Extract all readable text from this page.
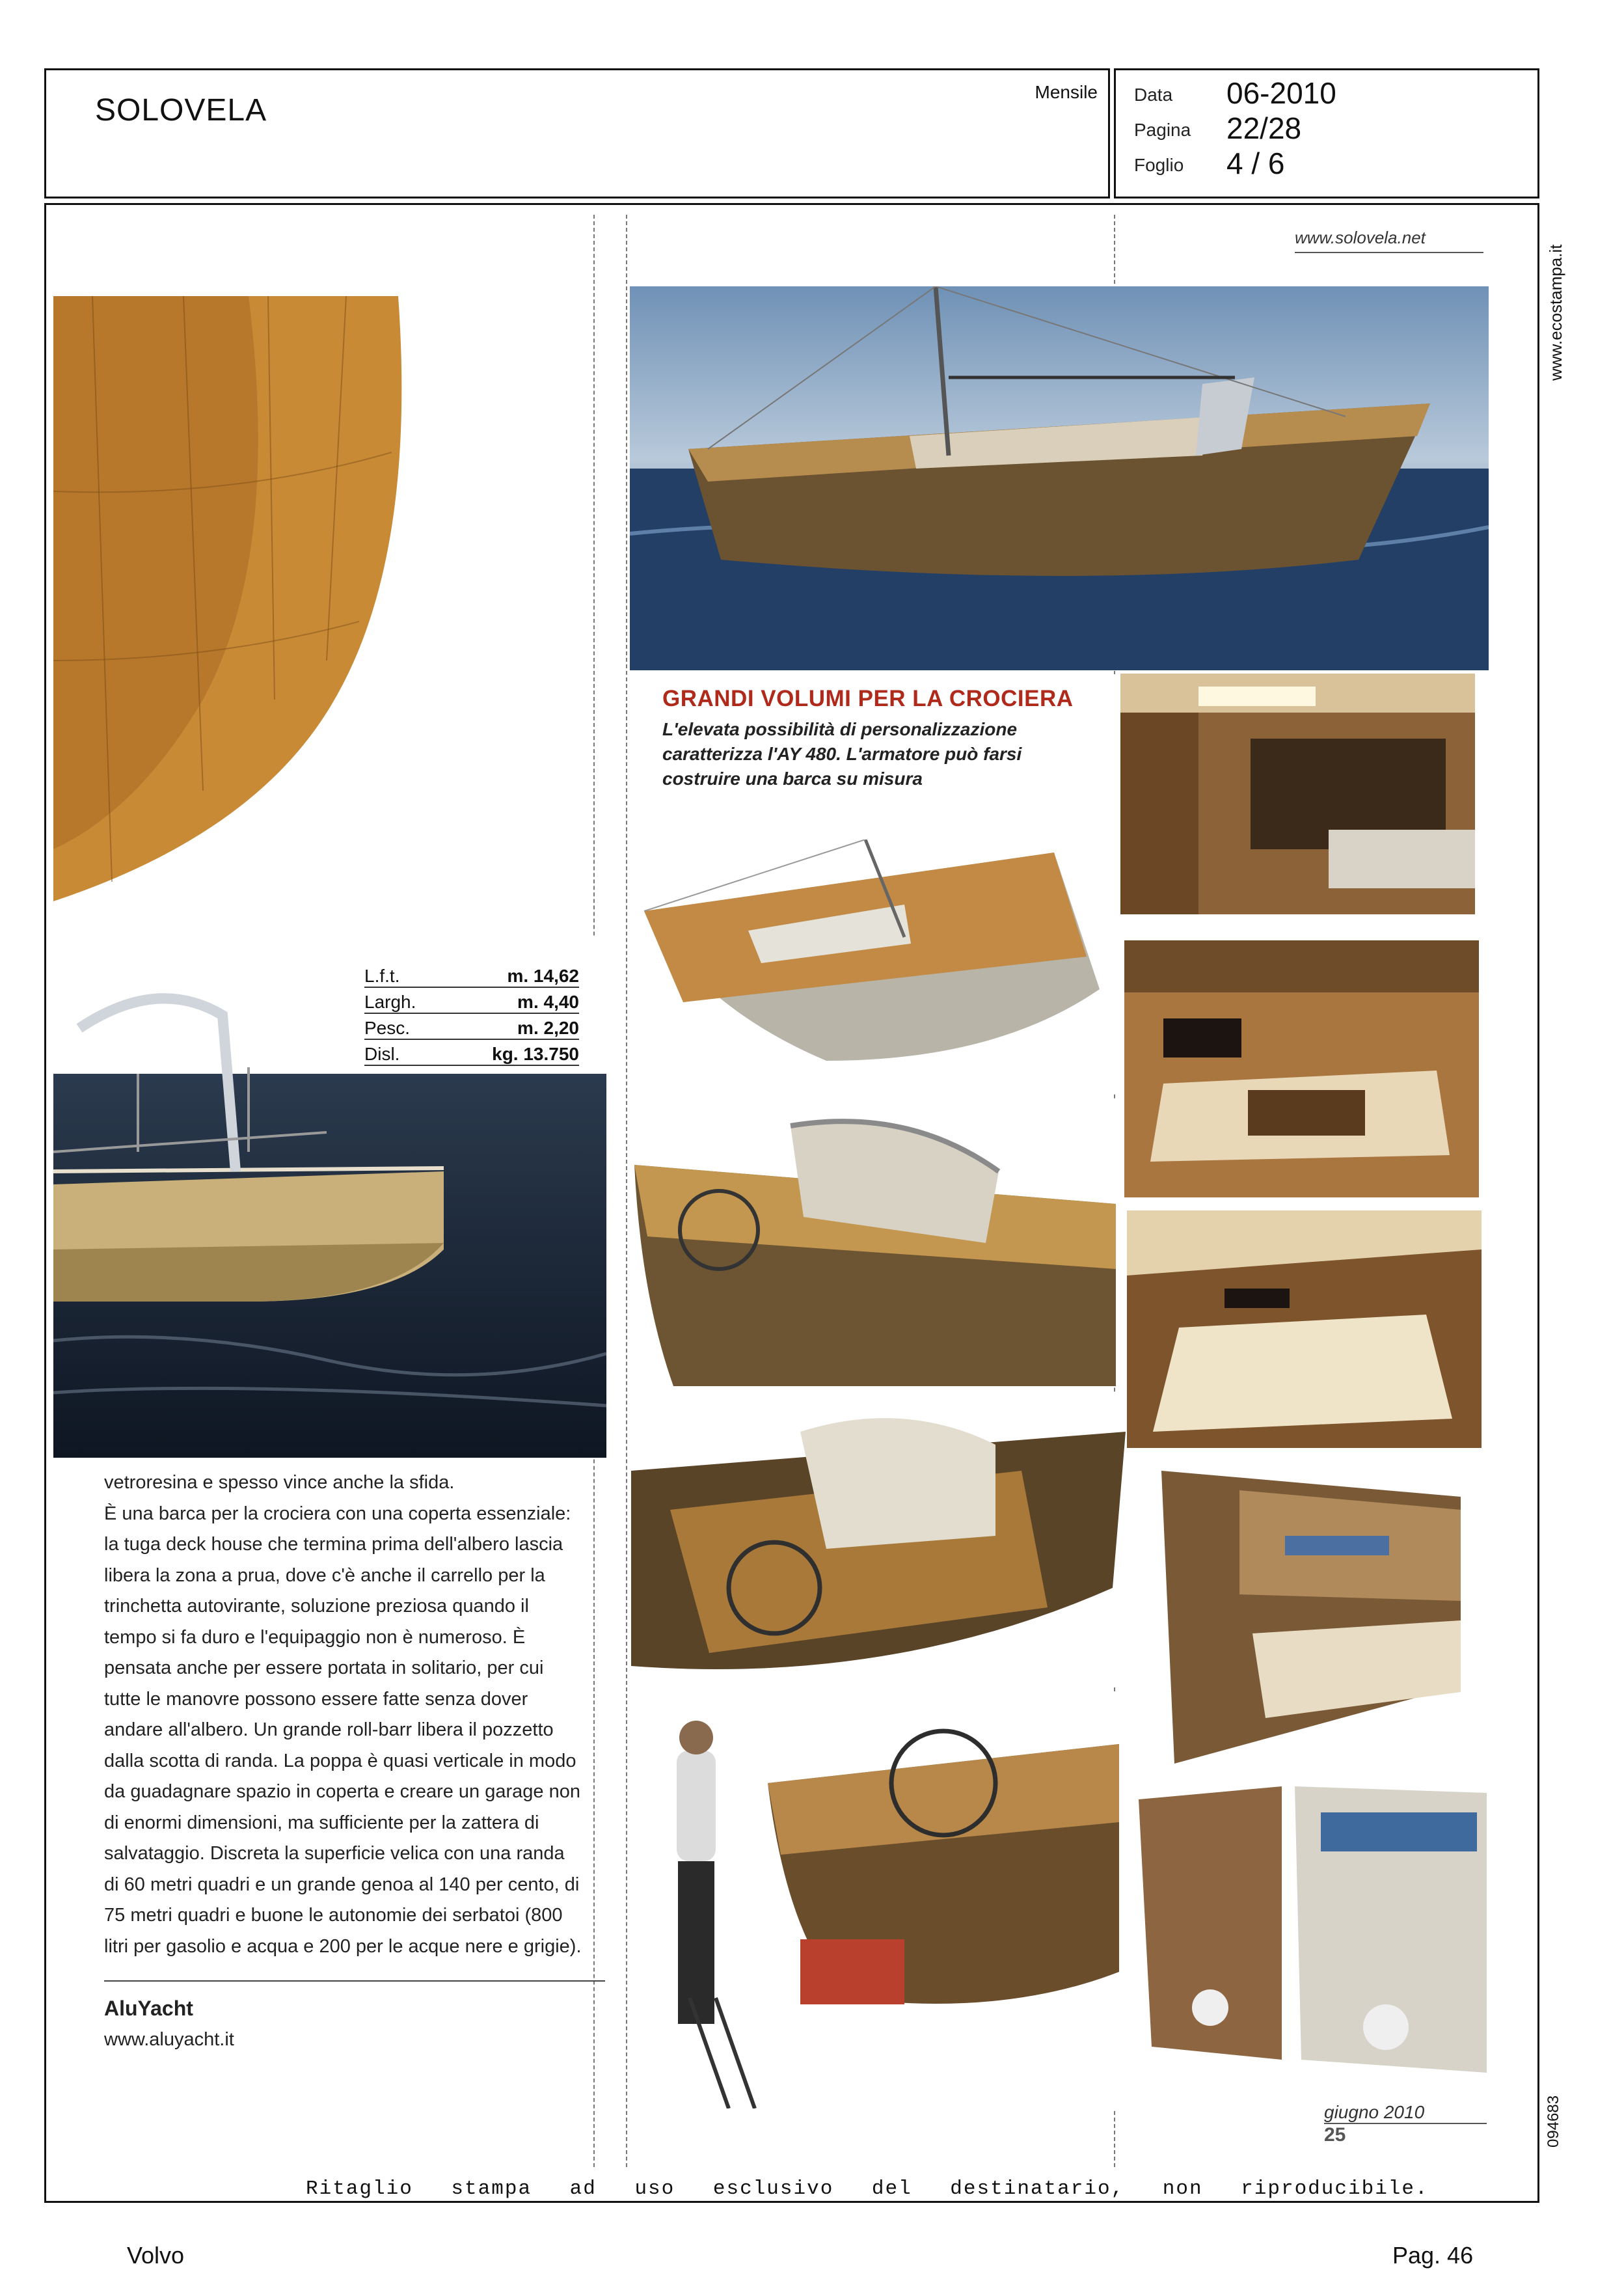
SOLOVELA
Mensile Data 06-2010
Pagina 22/28
Foglio 4 / 6
www.ecostampa.it
094683
www.solovela.net
L.f.t.	m. 14,62
Largh.	m. 4,40
Pesc.	m. 2,20
Disl.	kg. 13.750

vetroresina e spesso vince anche la sfida.

È una barca per la crociera con una coperta essenziale: la tuga deck house che termina prima dell'albero lascia libera la zona a prua, dove c'è anche il carrello per la trinchetta autovirante, soluzione preziosa quando il tempo si fa duro e l'equipaggio non è numeroso. È pensata anche per essere portata in solitario, per cui tutte le manovre possono essere fatte senza dover andare all'albero. Un grande roll-barr libera il pozzetto dalla scotta di randa. La poppa è quasi verticale in modo da guadagnare spazio in coperta e creare un garage non di enormi dimensioni, ma sufficiente per la zattera di salvataggio. Discreta la superficie velica con una randa di 60 metri quadri e un grande genoa al 140 per cento, di 75 metri quadri e buone le autonomie dei serbatoi (800 litri per gasolio e acqua e 200 per le acque nere e grigie).

AluYacht
www.aluyacht.it
GRANDI VOLUMI PER LA CROCIERA
L'elevata possibilità di personalizzazione caratterizza l'AY 480. L'armatore può farsi costruire una barca su misura
giugno 2010
25
Ritaglio stampa ad uso esclusivo del destinatario, non riproducibile.
Volvo	Pag. 46
